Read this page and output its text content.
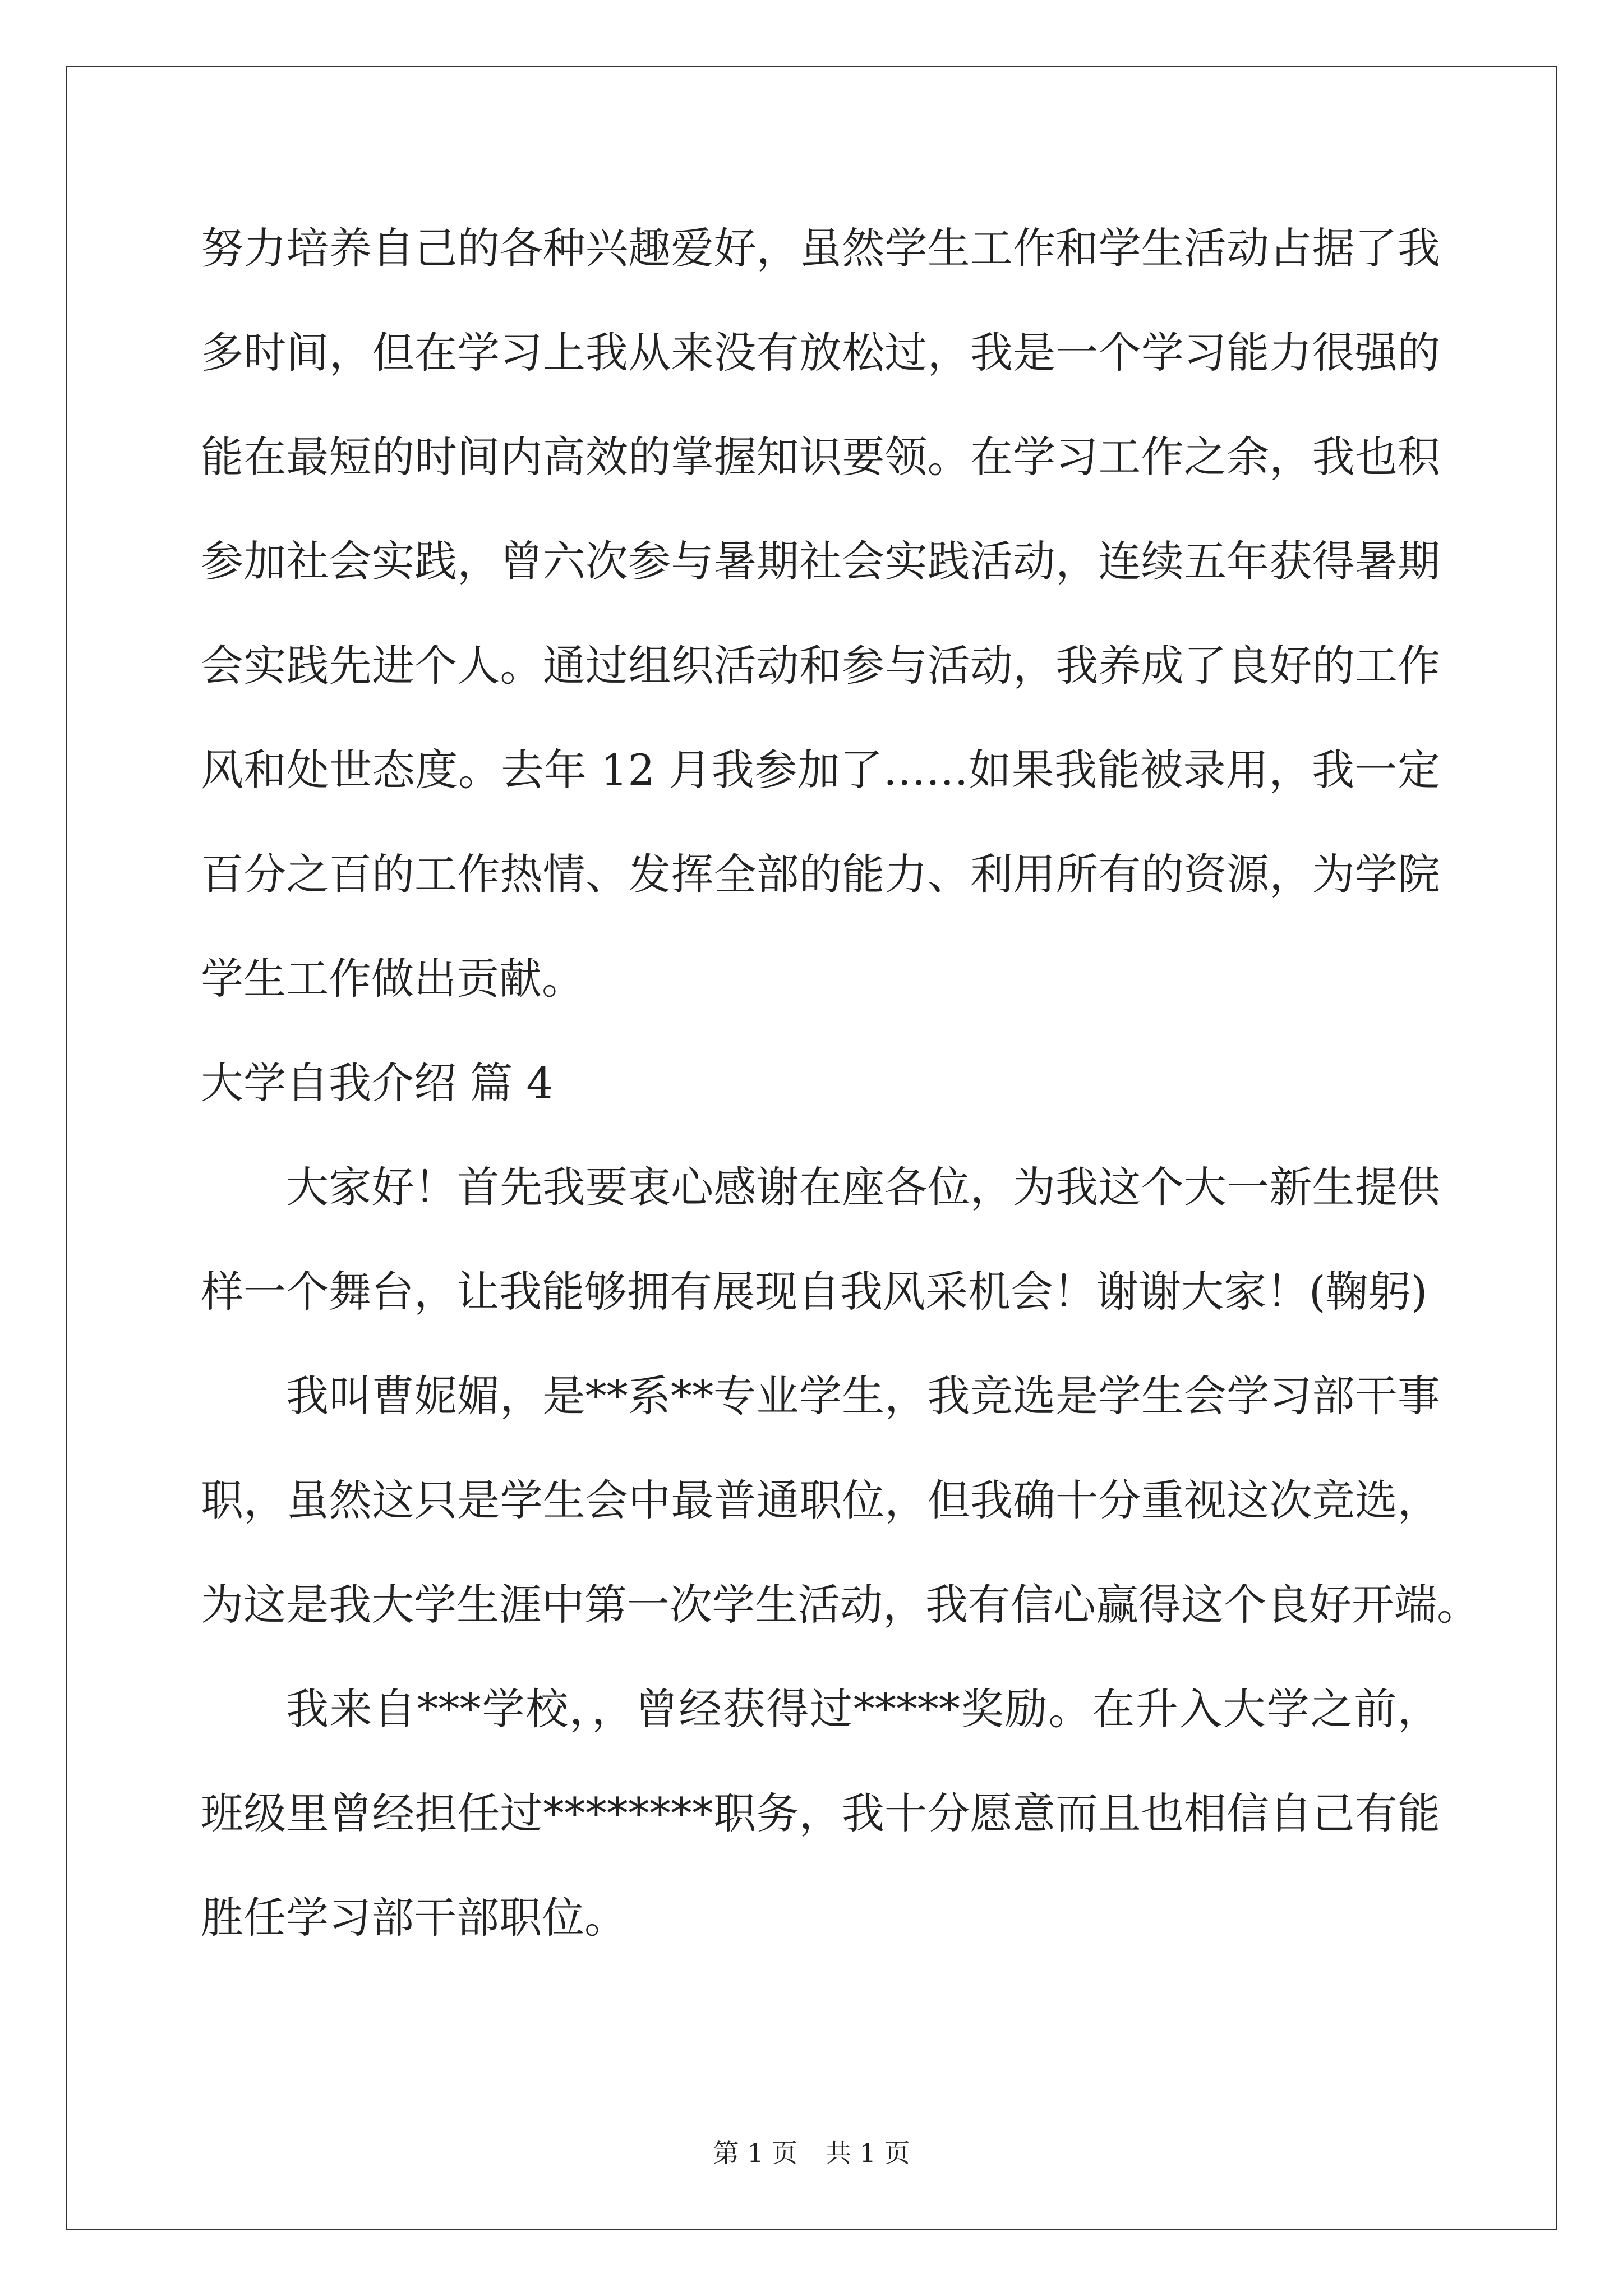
努力培养自己的各种兴趣爱好，虽然学生工作和学生活动占据了我
多时间，但在学习上我从来没有放松过，我是一个学习能力很强的
能在最短的时间内高效的掌握知识要领。在学习工作之余，我也积
参加社会实践，曾六次参与暑期社会实践活动，连续五年获得暑期
会实践先进个人。通过组织活动和参与活动，我养成了良好的工作
风和处世态度。去年 12 月我参加了……如果我能被录用，我一定
百分之百的工作热情、发挥全部的能力、利用所有的资源，为学院
学生工作做出贡献。
大学自我介绍 篇 4
大家好！首先我要衷心感谢在座各位，为我这个大一新生提供
样一个舞台，让我能够拥有展现自我风采机会！谢谢大家！(鞠躬)
我叫曹妮媚，是**系**专业学生，我竞选是学生会学习部干事
职，虽然这只是学生会中最普通职位，但我确十分重视这次竞选，
为这是我大学生涯中第一次学生活动，我有信心赢得这个良好开端。
我来自***学校，，曾经获得过*****奖励。在升入大学之前，
班级里曾经担任过********职务，我十分愿意而且也相信自己有能
胜任学习部干部职位。
第 1 页 共 1 页
